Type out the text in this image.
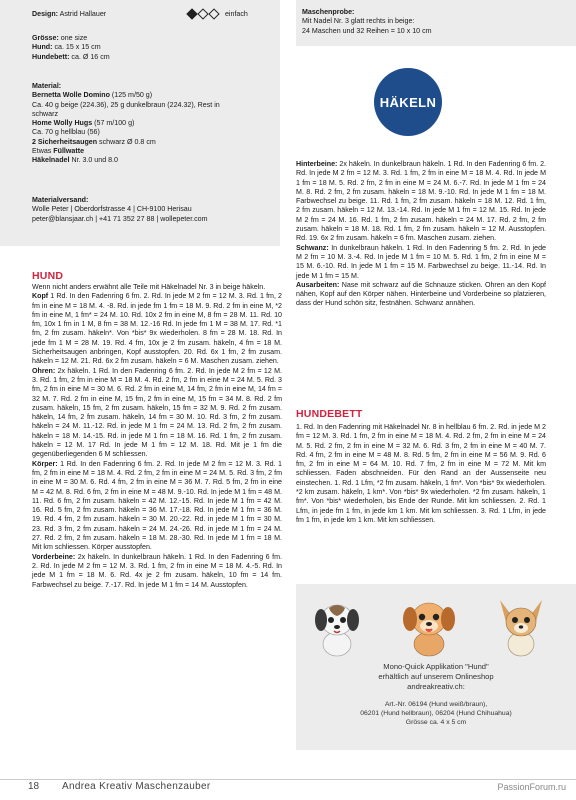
Design: Astrid Hallauer	einfach
Grösse: one size
Hund: ca. 15 x 15 cm
Hundebett: ca. Ø 16 cm
Material:
Bernetta Wolle Domino (125 m/50 g)
Ca. 40 g beige (224.36), 25 g dunkelbraun (224.32), Rest in
schwarz
Home Wolly Hugs (57 m/100 g)
Ca. 70 g hellblau (56)
2 Sicherheitsaugen schwarz Ø 0.8 cm
Etwas Füllwatte
Häkelnadel Nr. 3.0 und 8.0
Materialversand:
Wolle Peter | Oberdorfstrasse 4 | CH-9100 Herisau
peter@blansjaar.ch | +41 71 352 27 88 | wollepeter.com
Maschenprobe:
Mit Nadel Nr. 3 glatt rechts in beige:
24 Maschen und 32 Reihen = 10 x 10 cm
HÄKELN
HUND
Wenn nicht anders erwähnt alle Teile mit Häkelnadel Nr. 3 in beige häkeln.
Kopf 1 Rd. In den Fadenring 6 fm. 2. Rd. In jede M 2 fm = 12 M. 3. Rd. 1 fm, 2 fm in eine M = 18 M. 4. -8. Rd. in jede fm 1 fm = 18 M. 9. Rd. 2 fm in eine M, *2 fm in eine M, 1 fm* = 24 M. 10. Rd. 10x 2 fm in eine M, 8 fm = 28 M. 11. Rd. 10 fm, 10x 1 fm in 1 M, 8 fm = 38 M. 12.-16 Rd. In jede fm 1 M = 38 M. 17. Rd. *1 fm, 2 fm zusam. häkeln*. Von *bis* 9x wiederholen. 8 fm = 28 M. 18. Rd. In jede fm 1 M = 28 M. 19. Rd. 4 fm, 10x je 2 fm zusam. häkeln, 4 fm = 18 M. Sicherheitsaugen anbringen, Kopf ausstopfen. 20. Rd. 6x 1 fm, 2 fm zusam. häkeln = 12 M. 21. Rd. 6x 2 fm zusam. häkeln = 6 M. Maschen zusam. ziehen.
Ohren: 2x häkeln. 1 Rd. In den Fadenring 6 fm. 2. Rd. In jede M 2 fm = 12 M. 3. Rd. 1 fm, 2 fm in eine M = 18 M. 4. Rd. 2 fm, 2 fm in eine M = 24 M. 5. Rd. 3 fm, 2 fm in eine M = 30 M. 6. Rd. 2 fm in eine M, 14 fm, 2 fm in eine M, 14 fm = 32 M. 7. Rd. 2 fm in eine M, 15 fm, 2 fm in eine M, 15 fm = 34 M. 8. Rd. 2 fm zusam. häkeln, 15 fm, 2 fm zusam. häkeln, 15 fm = 32 M. 9. Rd. 2 fm zusam. häkeln, 14 fm, 2 fm zusam. häkeln, 14 fm = 30 M. 10. Rd. 3 fm, 2 fm zusam. häkeln = 24 M. 11.-12. Rd. in jede M 1 fm = 24 M. 13. Rd. 2 fm, 2 fm zusam. häkeln = 18 M. 14.-15. Rd. in jede M 1 fm = 18 M. 16. Rd. 1 fm, 2 fm zusam. häkeln = 12 M. 17 Rd. In jede M 1 fm = 12 M. 18. Rd. Mit je 1 fm die gegenüberliegenden 6 M schliessen.
Körper: 1 Rd. In den Fadenring 6 fm. 2. Rd. In jede M 2 fm = 12 M. 3. Rd. 1 fm, 2 fm in eine M = 18 M. 4. Rd. 2 fm, 2 fm in eine M = 24 M. 5. Rd. 3 fm, 2 fm in eine M = 30 M. 6. Rd. 4 fm, 2 fm in eine M = 36 M. 7. Rd. 5 fm, 2 fm in eine M = 42 M. 8. Rd. 6 fm, 2 fm in eine M = 48 M. 9.-10. Rd. In jede M 1 fm = 48 M. 11. Rd. 6 fm, 2 fm zusam. häkeln = 42 M. 12.-15. Rd. In jede M 1 fm = 42 M. 16. Rd. 5 fm, 2 fm zusam. häkeln = 36 M. 17.-18. Rd. In jede M 1 fm = 36 M. 19. Rd. 4 fm, 2 fm zusam. häkeln = 30 M. 20.-22. Rd. in jede M 1 fm = 30 M. 23. Rd. 3 fm, 2 fm zusam. häkeln = 24 M. 24.-26. Rd. in jede M 1 fm = 24 M. 27. Rd. 2 fm, 2 fm zusam. häkeln = 18 M. 28.-30. Rd. In jede M 1 fm = 18 M. Mit km schliessen. Körper ausstopfen.
Vorderbeine: 2x häkeln. In dunkelbraun häkeln. 1 Rd. In den Fadenring 6 fm. 2. Rd. In jede M 2 fm = 12 M. 3. Rd. 1 fm, 2 fm in eine M = 18 M. 4.-5. Rd. In jede M 1 fm = 18 M. 6. Rd. 4x je 2 fm zusam. häkeln, 10 fm = 14 fm. Farbwechsel zu beige. 7.-17. Rd. In jede M 1 fm = 14 M. Ausstopfen.
Hinterbeine: 2x häkeln. In dunkelbraun häkeln. 1 Rd. In den Fadenring 6 fm. 2. Rd. In jede M 2 fm = 12 M. 3. Rd. 1 fm, 2 fm in eine M = 18 M. 4. Rd. In jede M 1 fm = 18 M. 5. Rd. 2 fm, 2 fm in eine M = 24 M. 6.-7. Rd. In jede M 1 fm = 24 M. 8. Rd. 2 fm, 2 fm zusam. häkeln = 18 M. 9.-10. Rd. In jede M 1 fm = 18 M. Farbwechsel zu beige. 11. Rd. 1 fm, 2 fm zusam. häkeln = 18 M. 12. Rd. 1 fm, 2 fm zusam. häkeln = 12 M. 13.-14. Rd. In jede M 1 fm = 12 M. 15. Rd. In jede M 2 fm = 24 M. 16. Rd. 1 fm, 2 fm zusam. häkeln = 24 M. 17. Rd. 2 fm, 2 fm zusam. häkeln = 18 M. 18. Rd. 1 fm, 2 fm zusam. häkeln = 12 M. Ausstopfen. Rd. 19. 6x 2 fm zusam. häkeln = 6 fm. Maschen zusam. ziehen.
Schwanz: In dunkelbraun häkeln. 1 Rd. In den Fadenring 5 fm. 2. Rd. In jede M 2 fm = 10 M. 3.-4. Rd. In jede M 1 fm = 10 M. 5. Rd. 1 fm, 2 fm in eine M = 15 M. 6.-10. Rd. In jede M 1 fm = 15 M. Farbwechsel zu beige. 11.-14. Rd. In jede M 1 fm = 15 M.
Ausarbeiten: Nase mit schwarz auf die Schnauze sticken. Ohren an den Kopf nähen, Kopf auf den Körper nähen. Hinterbeine und Vorderbeine so platzieren, dass der Hund schön sitz, festnähen. Schwanz annähen.
HUNDEBETT
1. Rd. In den Fadenring mit Häkelnadel Nr. 8 in hellblau 6 fm. 2. Rd. in jede M 2 fm = 12 M. 3. Rd. 1 fm, 2 fm in eine M = 18 M. 4. Rd. 2 fm, 2 fm in eine M = 24 M. 5. Rd. 2 fm, 2 fm in eine M = 32 M. 6. Rd. 3 fm, 2 fm in eine M = 40 M. 7. Rd. 4 fm, 2 fm in eine M = 48 M. 8. Rd. 5 fm, 2 fm in eine M = 56 M. 9. Rd. 6 fm, 2 fm in eine M = 64 M. 10. Rd. 7 fm, 2 fm in eine M = 72 M. Mit km schliessen. Faden abschneiden. Für den Rand an der Aussenseite neu einstechen. 1. Rd. 1 Lfm, *2 fm zusam. häkeln, 1 fm*. Von *bis* 9x wiederholen. *2 km zusam. häkeln, 1 km*. Von *bis* 9x wiederholen. *2 fm zusam. häkeln, 1 fm*. Von *bis* wiederholen, bis Ende der Runde. Mit km schliessen. 2. Rd. 1 Lfm, in jede fm 1 fm, in jede km 1 km. Mit km schliessen. 3. Rd. 1 Lfm, in jede fm 1 fm, in jede km 1 km. Mit km schliessen.
Mono-Quick Applikation "Hund"
erhältlich auf unserem Onlineshop
andreakreativ.ch:
Art.-Nr. 06194 (Hund weiß/braun),
06201 (Hund hellbraun), 06204 (Hund Chihuahua)
Grösse ca. 4 x 5 cm
18 Andrea Kreativ Maschenzauber	PassionForum.ru
